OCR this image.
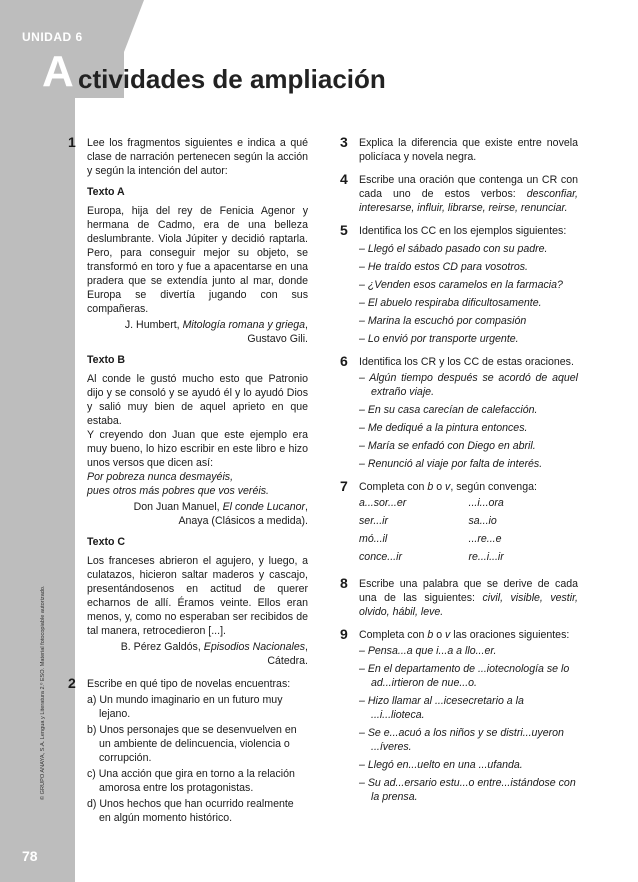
UNIDAD 6
A ctividades de ampliación
© GRUPO ANAYA, S.A. Lengua y Literatura 2.º ESO. Material fotocopiable autorizado.
78
1 Lee los fragmentos siguientes e indica a qué clase de narración pertenecen según la acción y según la intención del autor:

Texto A

Europa, hija del rey de Fenicia Agenor y hermana de Cadmo, era de una belleza deslumbrante. Viola Júpiter y decidió raptarla. Pero, para conseguir mejor su objeto, se transformó en toro y fue a apacentarse en una pradera que se extendía junto al mar, donde Europa se divertía jugando con sus compañeras.

J. Humbert, Mitología romana y griega,
Gustavo Gili.

Texto B

Al conde le gustó mucho esto que Patronio dijo y se consoló y se ayudó él y lo ayudó Dios y salió muy bien de aquel aprieto en que estaba.

Y creyendo don Juan que este ejemplo era muy bueno, lo hizo escribir en este libro e hizo unos versos que dicen así:

Por pobreza nunca desmayéis,

pues otros más pobres que vos veréis.

Don Juan Manuel, El conde Lucanor,
Anaya (Clásicos a medida).

Texto C

Los franceses abrieron el agujero, y luego, a culatazos, hicieron saltar maderos y cascajo, presentándosenos en actitud de querer echarnos de allí. Éramos veinte. Ellos eran menos, y, como no esperaban ser recibidos de tal manera, retrocedieron [...].

B. Pérez Galdós, Episodios Nacionales,
Cátedra.

2 Escribe en qué tipo de novelas encuentras:

a) Un mundo imaginario en un futuro muy lejano.

b) Unos personajes que se desenvuelven en un ambiente de delincuencia, violencia o corrupción.

c) Una acción que gira en torno a la relación amorosa entre los protagonistas.

d) Unos hechos que han ocurrido realmente en algún momento histórico.

3 Explica la diferencia que existe entre novela policíaca y novela negra.

4 Escribe una oración que contenga un CR con cada uno de estos verbos: desconfiar, interesarse, influir, librarse, reirse, renunciar.

5 Identifica los CC en los ejemplos siguientes:

– Llegó el sábado pasado con su padre.

– He traído estos CD para vosotros.

– ¿Venden esos caramelos en la farmacia?

– El abuelo respiraba dificultosamente.

– Marina la escuchó por compasión

– Lo envió por transporte urgente.

6 Identifica los CR y los CC de estas oraciones.

– Algún tiempo después se acordó de aquel extraño viaje.

– En su casa carecían de calefacción.

– Me dediqué a la pintura entonces.

– María se enfadó con Diego en abril.

– Renunció al viaje por falta de interés.

7 Completa con b o v, según convenga:

a...sor...er	...i...ora
ser...ir	sa...io
mó...il	...re...e
conce...ir	re...i...ir
8 Escribe una palabra que se derive de cada una de las siguientes: civil, visible, vestir, olvido, hábil, leve.

9 Completa con b o v las oraciones siguientes:

– Pensa...a que i...a a llo...er.

– En el departamento de ...iotecnología se lo ad...irtieron de nue...o.

– Hizo llamar al ...icesecretario a la ...i...lioteca.

– Se e...acuó a los niños y se distri...uyeron ...íveres.

– Llegó en...uelto en una ...ufanda.

– Su ad...ersario estu...o entre...istándose con la prensa.
